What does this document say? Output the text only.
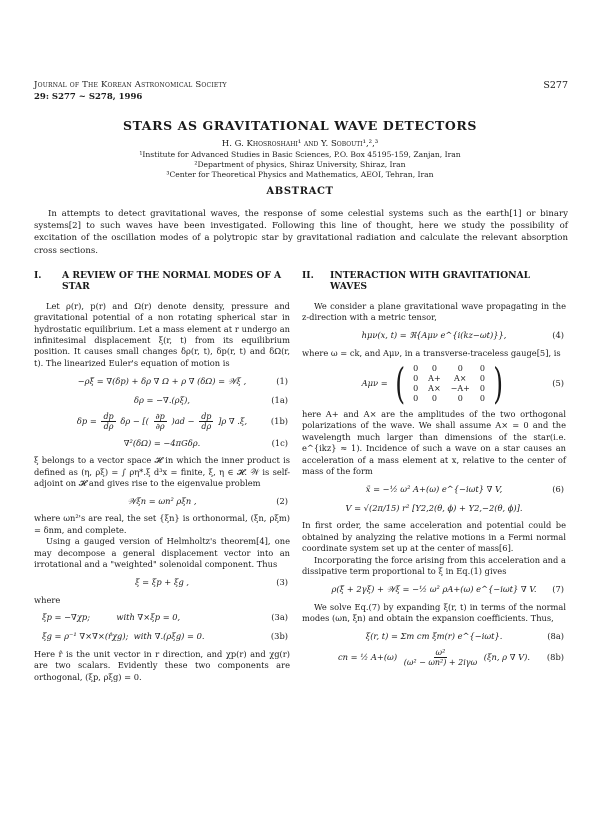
Journal of The Korean Astronomical Society
29: S277 ~ S278, 1996
S277
STARS AS GRAVITATIONAL WAVE DETECTORS
H. G. Khosroshahi¹ and Y. Sobouti¹,²,³
¹Institute for Advanced Studies in Basic Sciences, P.O. Box 45195-159, Zanjan, Iran
²Department of physics, Shiraz University, Shiraz, Iran
³Center for Theoretical Physics and Mathematics, AEOI, Tehran, Iran
ABSTRACT
In attempts to detect gravitational waves, the response of some celestial systems such as the earth[1] or binary systems[2] to such waves have been investigated. Following this line of thought, here we study the possibility of excitation of the oscillation modes of a polytropic star by gravitational radiation and calculate the relevant absorption cross sections.
I.	A REVIEW OF THE NORMAL MODES OF A STAR

Let ρ(r), p(r) and Ω(r) denote density, pressure and gravitational potential of a non rotating spherical star in hydrostatic equilibrium. Let a mass element at r undergo an infinitesimal displacement ξ(r, t) from its equilibrium position. It causes small changes δρ(r, t), δp(r, t) and δΩ(r, t). The linearized Euler's equation of motion is

−ρξ̈ = ∇(δp) + δρ ∇ Ω + ρ ∇ (δΩ) = 𝒲ξ ,	(1)
δρ = −∇.(ρξ),	(1a)
$\delta p = \frac{dp}{d\rho}$ δρ − [( $\frac{\partial p}{\partial\rho} )ad - \frac{dp}{d\rho} ]\rho$ ∇ .ξ,	(1b)
∇²(δΩ) = −4πGδρ.	(1c)

ξ belongs to a vector space 𝓗 in which the inner product is defined as (η, ρξ) = ∫ ρη*.ξ d³x = finite, ξ, η ∈ 𝓗. 𝒲 is self-adjoint on 𝓗 and gives rise to the eigenvalue problem

𝒲ξn = ωn² ρξn ,	(2)

where ωn²'s are real, the set {ξn} is orthonormal, (ξn, ρξm) = δnm, and complete.

Using a gauged version of Helmholtz's theorem[4], one may decompose a general displacement vector into an irrotational and a "weighted" solenoidal component. Thus

ξ = ξp + ξg ,	(3)

where

ξp = −∇χp;          with ∇×ξp = 0,	(3a)
ξg = ρ⁻¹ ∇×∇×(r̂χg);  with ∇.(ρξg) = 0.	(3b)

Here r̂ is the unit vector in r direction, and χp(r) and χg(r) are two scalars. Evidently these two components are orthogonal, (ξp, ρξg) = 0.

II.	INTERACTION WITH GRAVITATIONAL WAVES

We consider a plane gravitational wave propagating in the z-direction with a metric tensor,

hμν(x, t) = ℜ{Aμν e^{i(kz−ωt)}},	(4)

where ω = ck, and Aμν, in a transverse-traceless gauge[5], is

Aμν = ( 0	0	0	0
0	A+	A×	0
0	A×	−A+	0
0	0	0	0 )	(5)

here A+ and A× are the amplitudes of the two orthogonal polarizations of the wave. We shall assume A× = 0 and the wavelength much larger than dimensions of the star(i.e. e^{ikz} ≈ 1). Incidence of such a wave on a star causes an acceleration of a mass element at x, relative to the center of mass of the form

ẍ = −½ ω² A+(ω) e^{−iωt} ∇ V,	(6)
V = √(2π/15) r² [Y2,2(θ, ϕ) + Y2,−2(θ, ϕ)].

In first order, the same acceleration and potential could be obtained by analyzing the relative motions in a Fermi normal coordinate system set up at the center of mass[6].

Incorporating the force arising from this acceleration and a dissipative term proportional to ξ̇ in Eq.(1) gives

ρ(ξ̈ + 2γξ̇) + 𝒲ξ = −½ ω² ρA+(ω) e^{−iωt} ∇ V. (7)

We solve Eq.(7) by expanding ξ(r, t) in terms of the normal modes (ωn, ξn) and obtain the expansion coefficients. Thus,

ξ(r, t) = Σm cm ξm(r) e^{−iωt}.	(8a)
cn = ½ $A+(\omega) \frac{\text{ω²}}{\text{(ω² − ωn²) + 2iγω}} (\xi n$, ρ ∇ V). (8b)
